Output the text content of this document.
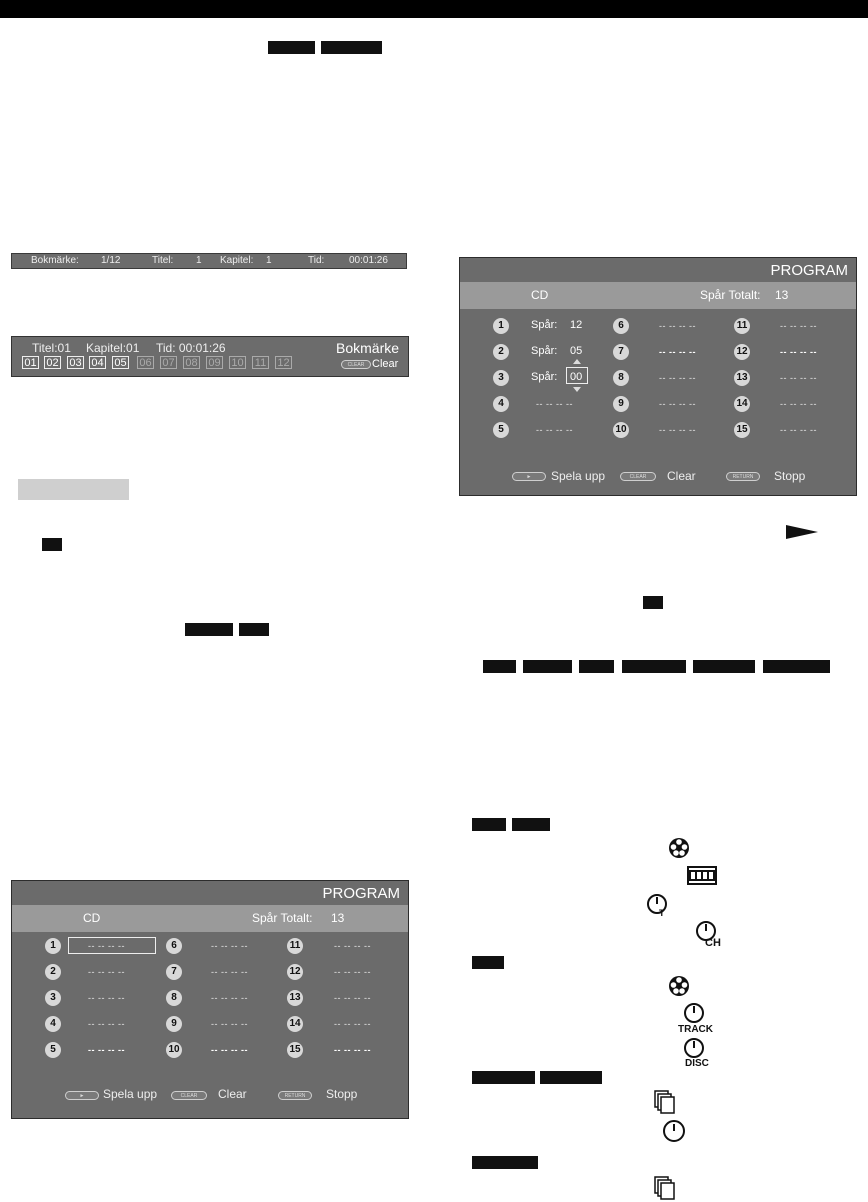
Bokmärke: 1/12	Titel: 1 Kapitel: 1	Tid: 00:01:26
Titel:01 Kapitel:01 Tid: 00:01:26	Bokmärke
01 02 03 04 05 06 07 08 09 10 11 12	CLEAR Clear
PROGRAM
CD	Spår Totalt: 13
1	-- -- -- --
2	-- -- -- --
3	-- -- -- --
4	-- -- -- --
5	-- -- -- --
6	-- -- -- --
7	-- -- -- --
8	-- -- -- --
9	-- -- -- --
10	-- -- -- --
11	-- -- -- --
12	-- -- -- --
13	-- -- -- --
14	-- -- -- --
15	-- -- -- --
►	Spela upp	CLEAR	Clear	RETURN	Stopp
PROGRAM
CD	Spår Totalt: 13
1	Spår: 12
2	Spår: 05
3	Spår: 00
4	-- -- -- --
5	-- -- -- --
6	-- -- -- --
7	-- -- -- --
8	-- -- -- --
9	-- -- -- --
10	-- -- -- --
11	-- -- -- --
12	-- -- -- --
13	-- -- -- --
14	-- -- -- --
15	-- -- -- --
►	Spela upp	CLEAR	Clear	RETURN	Stopp
T
CH
TRACK
DISC
